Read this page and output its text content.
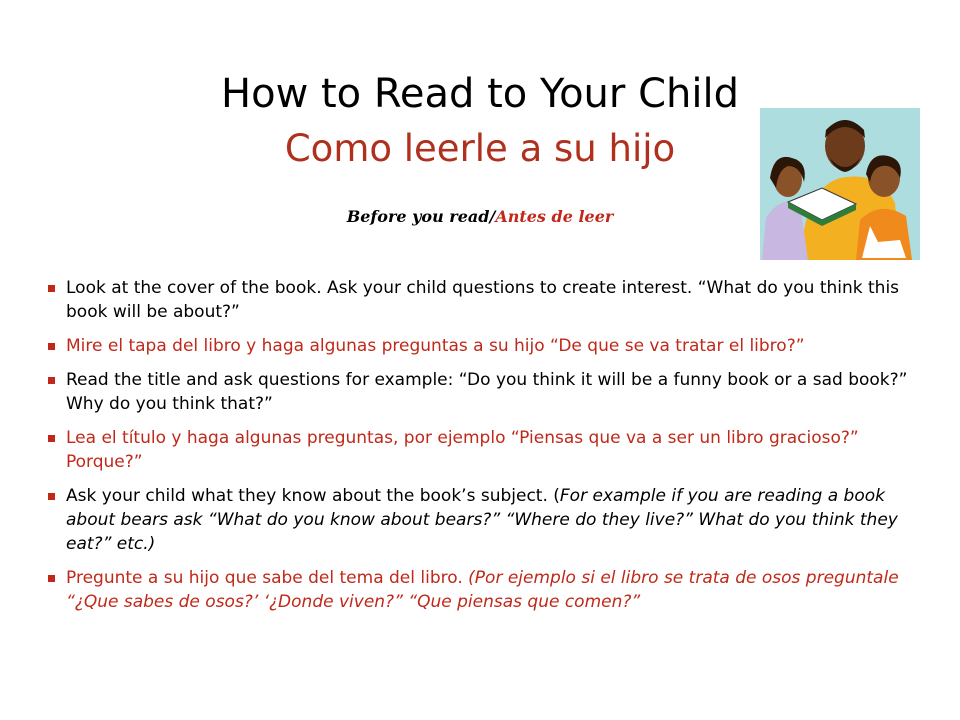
How to Read to Your Child
Como leerle a su hijo
Before you read/Antes de leer
Look at the cover of the book. Ask your child questions to create interest. “What do you think this book will be about?”
Mire el tapa del libro y haga algunas preguntas a su hijo “De que se va tratar el libro?”
Read the title and ask questions for example: “Do you think it will be a funny book or a sad book?” Why do you think that?”
Lea el título y haga algunas preguntas, por ejemplo “Piensas que va a ser un libro gracioso?” Porque?”
Ask your child what they know about the book’s subject. (For example if you are reading a book about bears ask “What do you know about bears?” “Where do they live?” What do you think they eat?” etc.)
Pregunte a su hijo que sabe del tema del libro. (Por ejemplo si el libro se trata de osos preguntale “¿Que sabes de osos?’ ‘¿Donde viven?” “Que piensas que comen?”
